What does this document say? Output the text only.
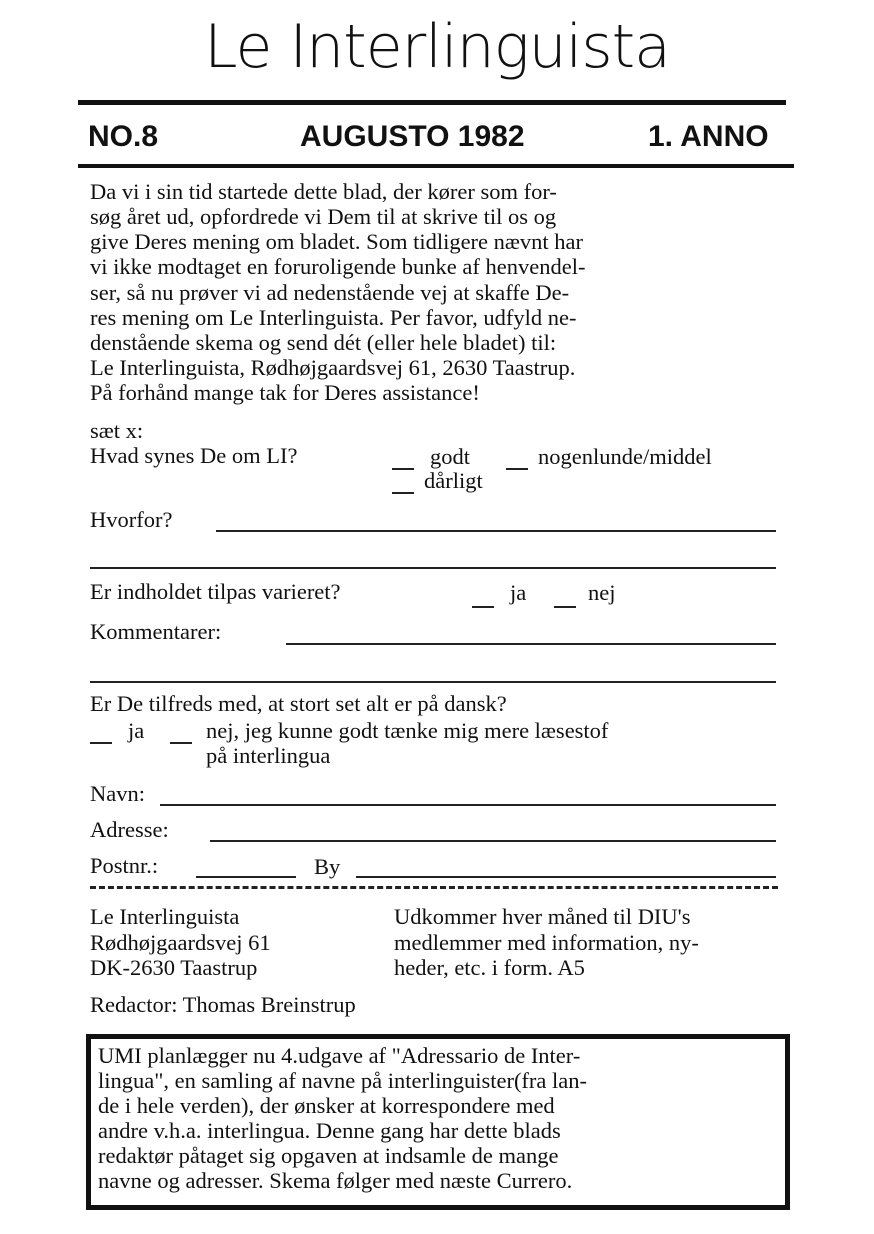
Le Interlinguista
NO.8	AUGUSTO 1982	1. ANNO
Da vi i sin tid startede dette blad, der kører som for-
søg året ud, opfordrede vi Dem til at skrive til os og
give Deres mening om bladet. Som tidligere nævnt har
vi ikke modtaget en foruroligende bunke af henvendel-
ser, så nu prøver vi ad nedenstående vej at skaffe De-
res mening om Le Interlinguista. Per favor, udfyld ne-
denstående skema og send dét (eller hele bladet) til:
Le Interlinguista, Rødhøjgaardsvej 61, 2630 Taastrup.
På forhånd mange tak for Deres assistance!
sæt x:
Hvad synes De om LI?	godt	nogenlunde/middel
dårligt
Hvorfor?
Er indholdet tilpas varieret?	ja	nej
Kommentarer:
Er De tilfreds med, at stort set alt er på dansk?
ja	nej, jeg kunne godt tænke mig mere læsestof
på interlingua
Navn:
Adresse:
Postnr.:	By
Le Interlinguista
Rødhøjgaardsvej 61
DK-2630 Taastrup
Udkommer hver måned til DIU's
medlemmer med information, ny-
heder, etc. i form. A5
Redactor: Thomas Breinstrup
UMI planlægger nu 4.udgave af "Adressario de Inter-
lingua", en samling af navne på interlinguister(fra lan-
de i hele verden), der ønsker at korrespondere med
andre v.h.a. interlingua. Denne gang har dette blads
redaktør påtaget sig opgaven at indsamle de mange
navne og adresser. Skema følger med næste Currero.
